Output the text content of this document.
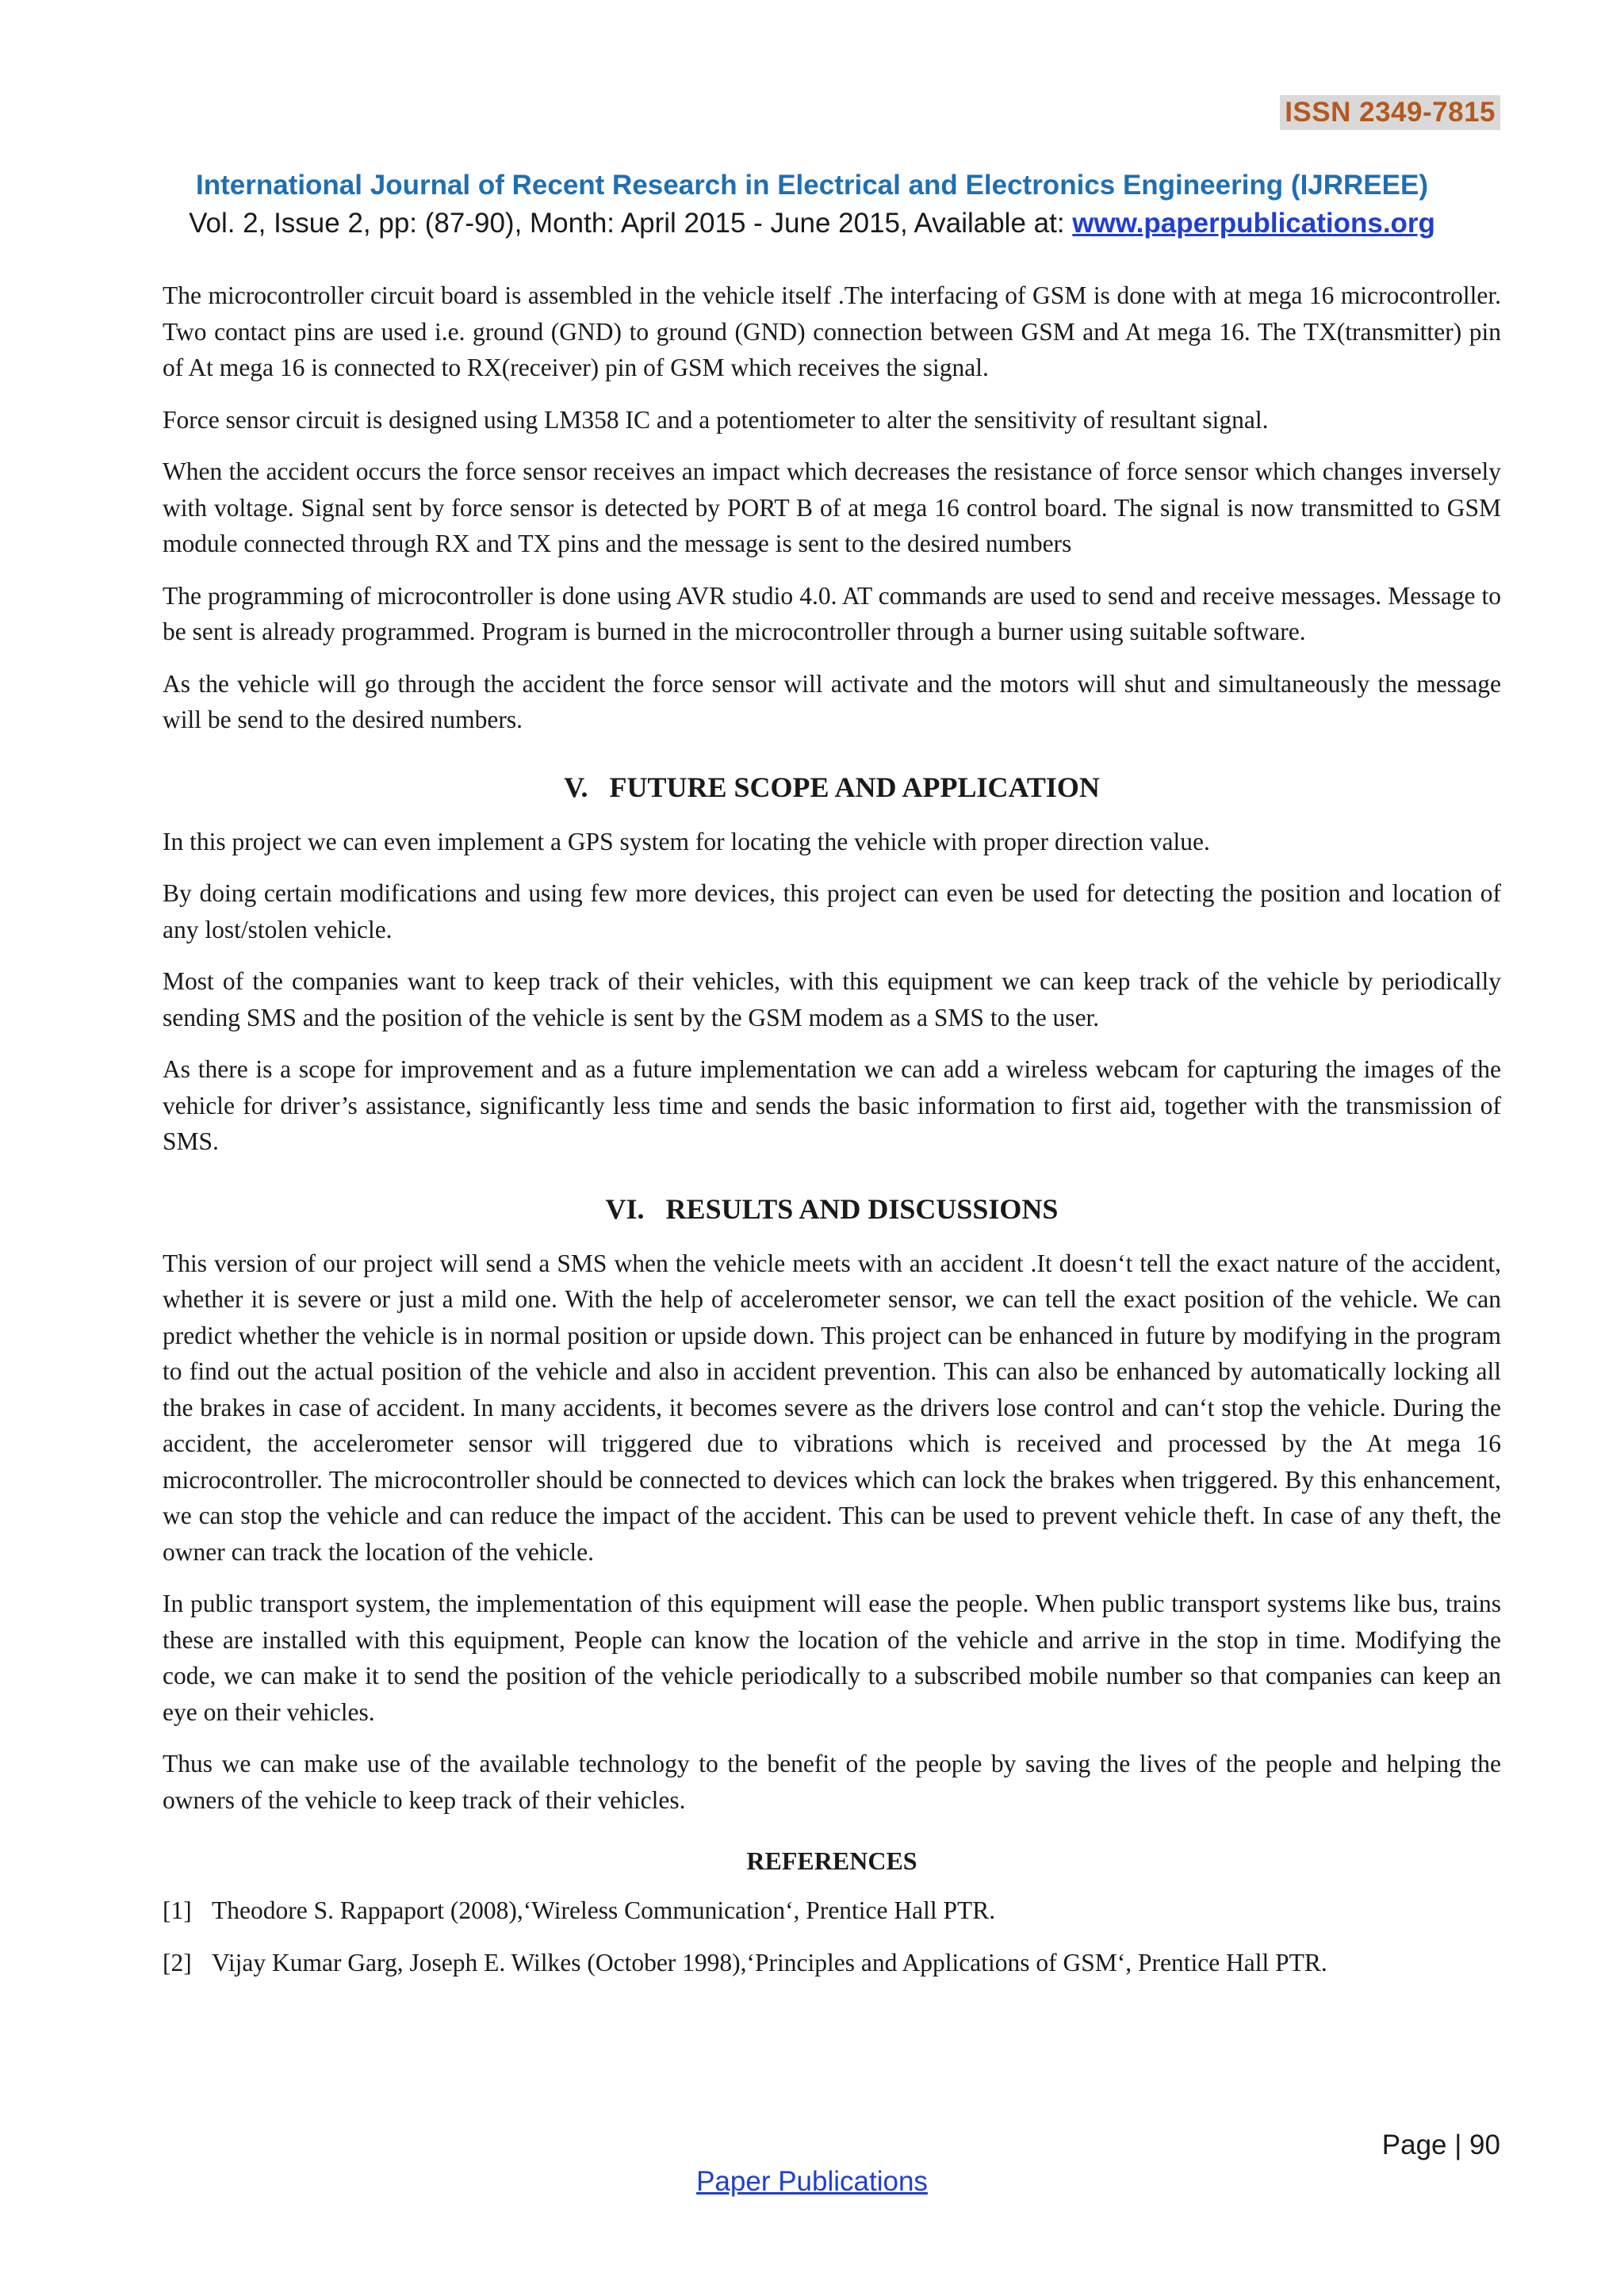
ISSN 2349-7815
International Journal of Recent Research in Electrical and Electronics Engineering (IJRREEE)
Vol. 2, Issue 2, pp: (87-90), Month: April 2015 - June 2015, Available at: www.paperpublications.org

The microcontroller circuit board is assembled in the vehicle itself .The interfacing of GSM is done with at mega 16 microcontroller. Two contact pins are used i.e. ground (GND) to ground (GND) connection between GSM and At mega 16. The TX(transmitter) pin of At mega 16 is connected to RX(receiver) pin of GSM which receives the signal.

Force sensor circuit is designed using LM358 IC and a potentiometer to alter the sensitivity of resultant signal.

When the accident occurs the force sensor receives an impact which decreases the resistance of force sensor which changes inversely with voltage. Signal sent by force sensor is detected by PORT B of at mega 16 control board. The signal is now transmitted to GSM module connected through RX and TX pins and the message is sent to the desired numbers

The programming of microcontroller is done using AVR studio 4.0. AT commands are used to send and receive messages. Message to be sent is already programmed. Program is burned in the microcontroller through a burner using suitable software.

As the vehicle will go through the accident the force sensor will activate and the motors will shut and simultaneously the message will be send to the desired numbers.

V.   FUTURE SCOPE AND APPLICATION

In this project we can even implement a GPS system for locating the vehicle with proper direction value.

By doing certain modifications and using few more devices, this project can even be used for detecting the position and location of any lost/stolen vehicle.

Most of the companies want to keep track of their vehicles, with this equipment we can keep track of the vehicle by periodically sending SMS and the position of the vehicle is sent by the GSM modem as a SMS to the user.

As there is a scope for improvement and as a future implementation we can add a wireless webcam for capturing the images of the vehicle for driver’s assistance, significantly less time and sends the basic information to first aid, together with the transmission of SMS.

VI.   RESULTS AND DISCUSSIONS

This version of our project will send a SMS when the vehicle meets with an accident .It doesn‘t tell the exact nature of the accident, whether it is severe or just a mild one. With the help of accelerometer sensor, we can tell the exact position of the vehicle. We can predict whether the vehicle is in normal position or upside down. This project can be enhanced in future by modifying in the program to find out the actual position of the vehicle and also in accident prevention. This can also be enhanced by automatically locking all the brakes in case of accident. In many accidents, it becomes severe as the drivers lose control and can‘t stop the vehicle. During the accident, the accelerometer sensor will triggered due to vibrations which is received and processed by the At mega 16 microcontroller. The microcontroller should be connected to devices which can lock the brakes when triggered. By this enhancement, we can stop the vehicle and can reduce the impact of the accident. This can be used to prevent vehicle theft. In case of any theft, the owner can track the location of the vehicle.

In public transport system, the implementation of this equipment will ease the people. When public transport systems like bus, trains these are installed with this equipment, People can know the location of the vehicle and arrive in the stop in time. Modifying the code, we can make it to send the position of the vehicle periodically to a subscribed mobile number so that companies can keep an eye on their vehicles.

Thus we can make use of the available technology to the benefit of the people by saving the lives of the people and helping the owners of the vehicle to keep track of their vehicles.

REFERENCES
[1] Theodore S. Rappaport (2008),‘Wireless Communication‘, Prentice Hall PTR.
[2] Vijay Kumar Garg, Joseph E. Wilkes (October 1998),‘Principles and Applications of GSM‘, Prentice Hall PTR.
Page | 90
Paper Publications
